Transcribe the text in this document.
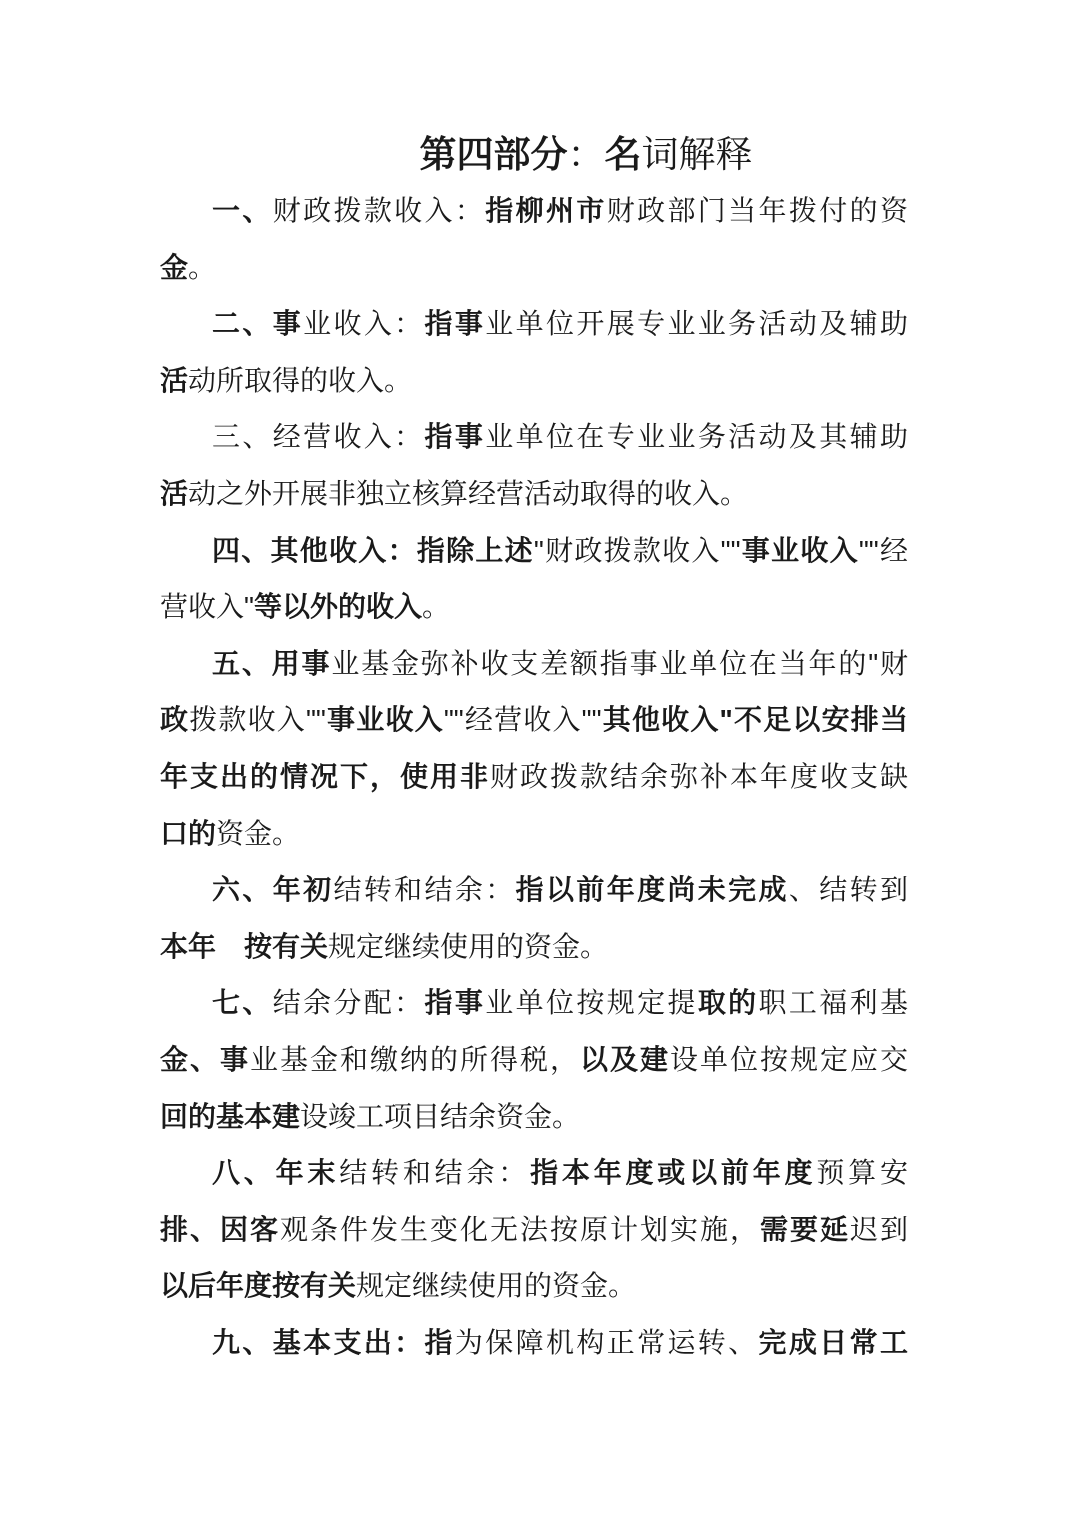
第四部分：名词解释
一、财政拨款收入：指柳州市财政部门当年拨付的资
金。
二、事业收入：指事业单位开展专业业务活动及辅助
活动所取得的收入。
三、经营收入：指事业单位在专业业务活动及其辅助
活动之外开展非独立核算经营活动取得的收入。
四、其他收入：指除上述"财政拨款收入""事业收入""经
营收入"等以外的收入。
五、用事业基金弥补收支差额指事业单位在当年的"财
政拨款收入""事业收入""经营收入""其他收入"不足以安排当
年支出的情况下，使用非财政拨款结余弥补本年度收支缺
口的资金。
六、年初结转和结余：指以前年度尚未完成、结转到
本年　按有关规定继续使用的资金。
七、结余分配：指事业单位按规定提取的职工福利基
金、事业基金和缴纳的所得税，以及建设单位按规定应交
回的基本建设竣工项目结余资金。
八、年末结转和结余：指本年度或以前年度预算安
排、因客观条件发生变化无法按原计划实施，需要延迟到
以后年度按有关规定继续使用的资金。
九、基本支出：指为保障机构正常运转、完成日常工
